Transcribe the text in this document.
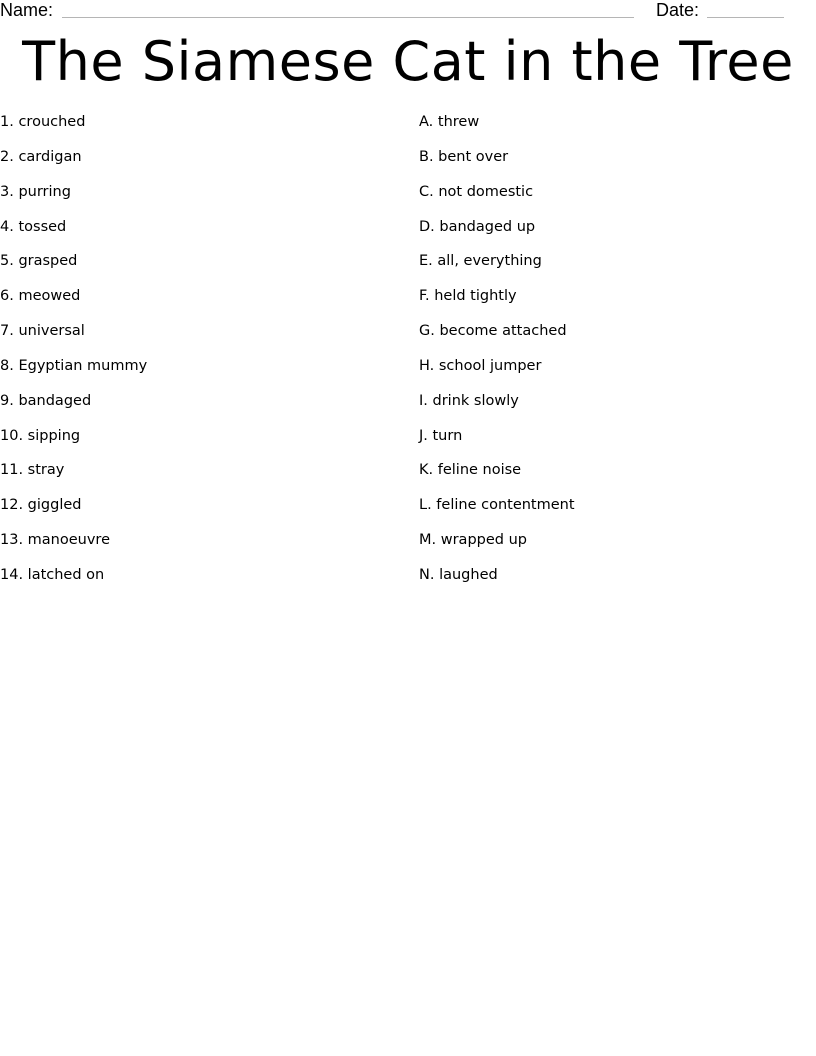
Name:	Date:
The Siamese Cat in the Tree
1. crouched
2. cardigan
3. purring
4. tossed
5. grasped
6. meowed
7. universal
8. Egyptian mummy
9. bandaged
10. sipping
11. stray
12. giggled
13. manoeuvre
14. latched on
A. threw
B. bent over
C. not domestic
D. bandaged up
E. all, everything
F. held tightly
G. become attached
H. school jumper
I. drink slowly
J. turn
K. feline noise
L. feline contentment
M. wrapped up
N. laughed
